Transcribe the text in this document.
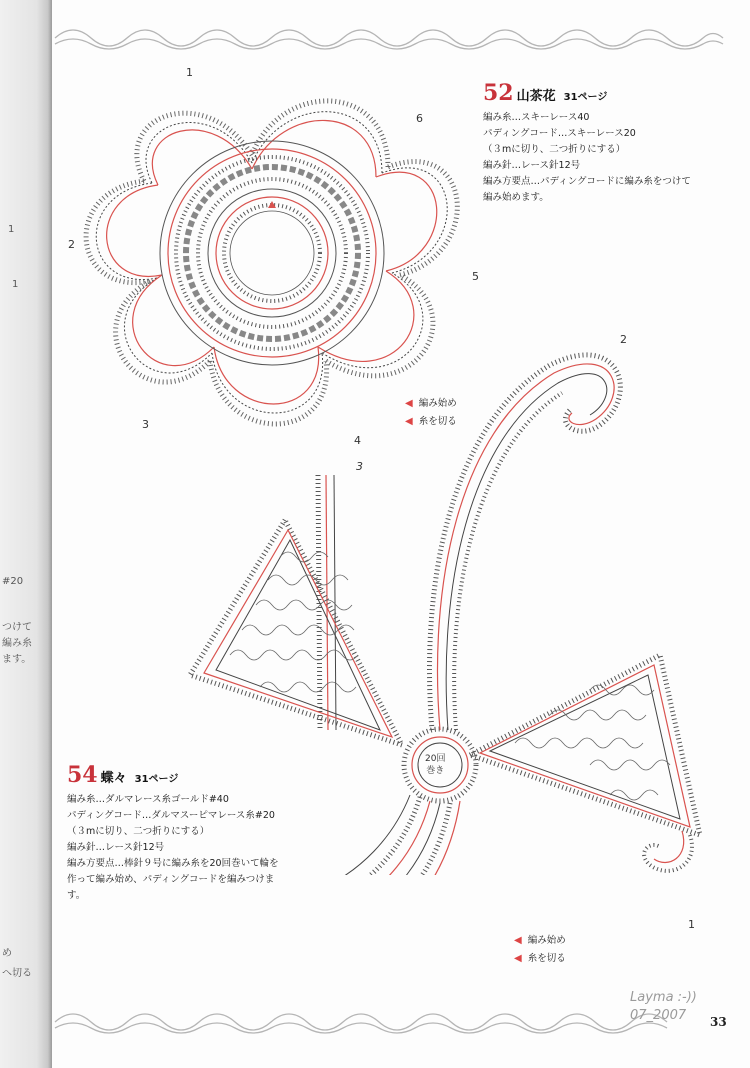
1
1
#20
つけて
編み糸
ます。
め
へ切る
1
2
3
4
5
6
52 山茶花 31ページ
編み糸…スキーレース40
パディングコード…スキーレース20
（３mに切り、二つ折りにする）
編み針…レース針12号
編み方要点…パディングコードに編み糸をつけて
編み始めます。
◀ 編み始め
◀ 糸を切る
20回
巻き
1
2
3
54 蝶々 31ページ
編み糸…ダルマレース糸ゴールド#40
パディングコード…ダルマスーピマレース糸#20
（３mに切り、二つ折りにする）
編み針…レース針12号
編み方要点…棒針９号に編み糸を20回巻いて輪を
作って編み始め、パディングコードを編みつけま
す。
◀ 編み始め
◀ 糸を切る
Layma :-))
07_2007 33
